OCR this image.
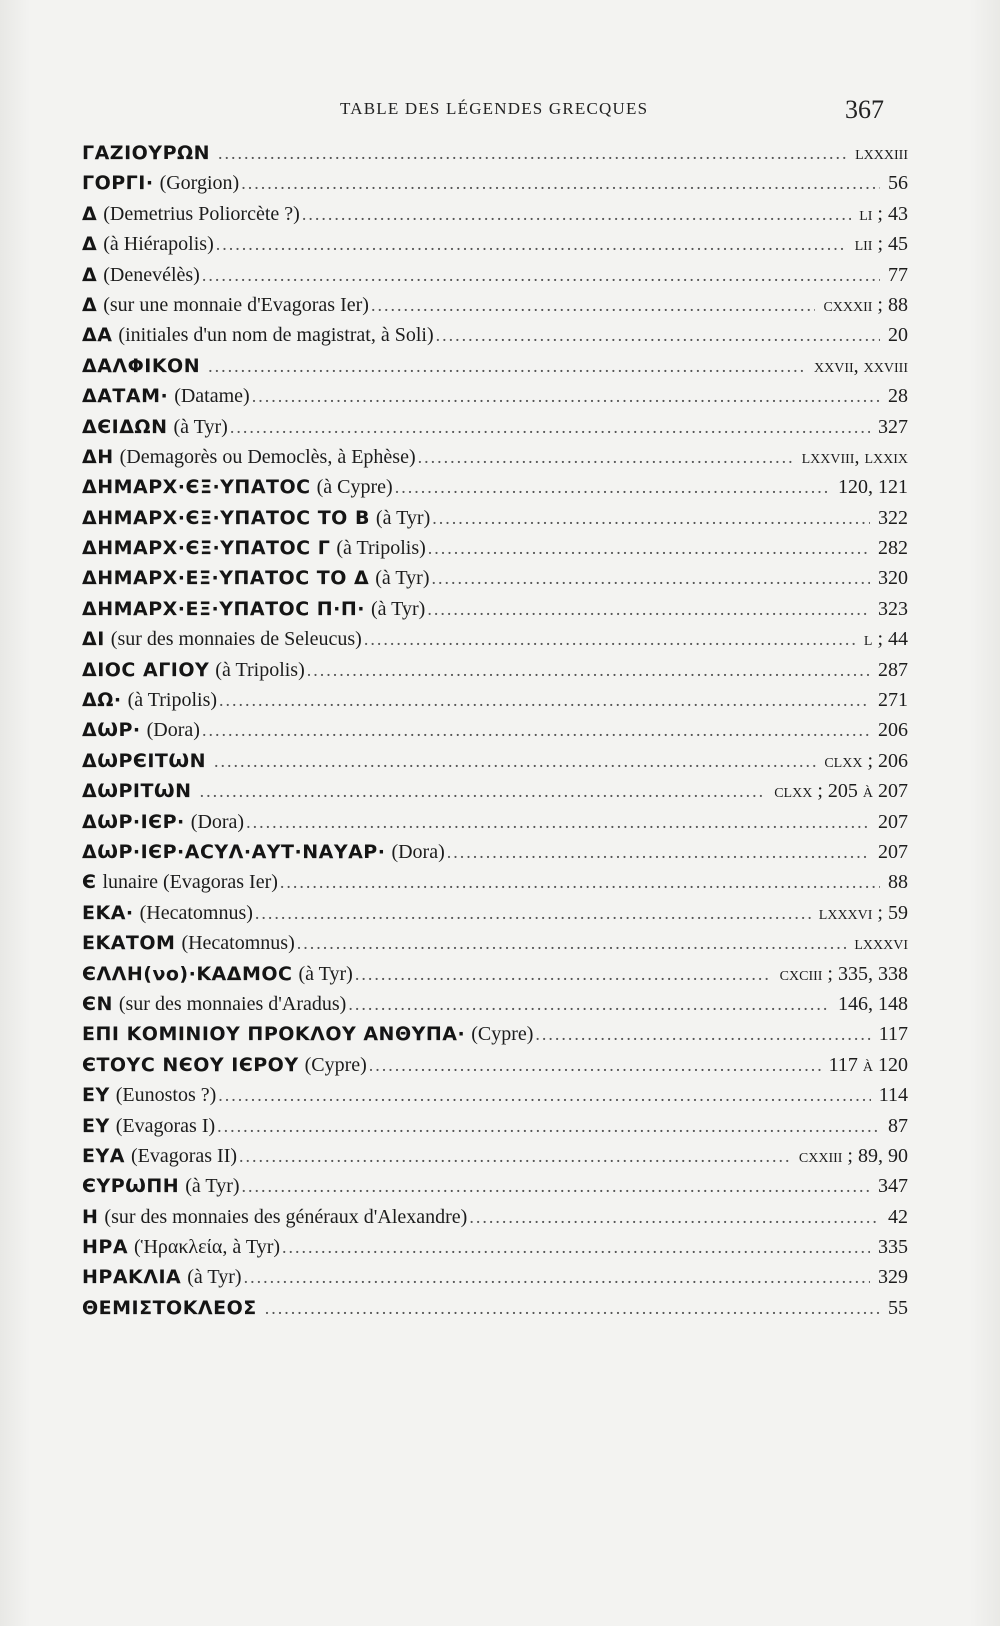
TABLE DES LÉGENDES GRECQUES	367
ΓΑΖΙΟΥΡΩΝ .....	lxxxiii
ΓΟΡΓΙ· (Gorgion) .....	56
Δ (Demetrius Poliorcète ?) .....	li ; 43
Δ (à Hiérapolis) .....	lii ; 45
Δ (Denevélès) .....	77
Δ (sur une monnaie d'Evagoras Ier) .....	cxxxii ; 88
ΔΑ (initiales d'un nom de magistrat, à Soli) .....	20
ΔΑΛΦΙΚΟΝ .....	xxvii, xxviii
ΔΑΤΑΜ· (Datame) .....	28
ΔЄΙΔΩΝ (à Tyr) .....	327
ΔΗ (Demagorès ou Democlès, à Ephèse) .....	lxxviii, lxxix
ΔΗΜΑΡΧ·ЄΞ·ΥΠΑΤΟϹ (à Cypre) .....	120, 121
ΔΗΜΑΡΧ·ЄΞ·ΥΠΑΤΟϹ ΤΟ Β (à Tyr) .....	322
ΔΗΜΑΡΧ·ЄΞ·ΥΠΑΤΟϹ Γ (à Tripolis) .....	282
ΔΗΜΑΡΧ·ΕΞ·ΥΠΑΤΟϹ ΤΟ Δ (à Tyr) .....	320
ΔΗΜΑΡΧ·ΕΞ·ΥΠΑΤΟϹ Π·Π· (à Tyr) .....	323
ΔΙ (sur des monnaies de Seleucus) .....	l ; 44
ΔΙΟϹ ΑΓΙΟΥ (à Tripolis) .....	287
ΔΩ· (à Tripolis) .....	271
ΔѠΡ· (Dora) .....	206
ΔѠΡЄΙΤѠΝ .....	clxx ; 206
ΔѠΡΙΤѠΝ .....	clxx ; 205 à 207
ΔѠΡ·ΙЄΡ· (Dora) .....	207
ΔѠΡ·ΙЄΡ·ΑϹΥΛ·ΑΥΤ·ΝΑΥΑΡ· (Dora) .....	207
Є lunaire (Evagoras Ier) .....	88
ΕΚΑ· (Hecatomnus) .....	lxxxvi ; 59
ΕΚΑΤΟΜ (Hecatomnus) .....	lxxxvi
ЄΛΛΗ(νο)·ΚΑΔΜΟϹ (à Tyr) .....	cxciii ; 335, 338
ЄΝ (sur des monnaies d'Aradus) .....	146, 148
ΕΠΙ ΚΟΜΙΝΙΟΥ ΠΡΟΚΛΟΥ ΑΝΘΥΠΑ· (Cypre) .....	117
ЄΤΟΥϹ ΝЄΟΥ ΙЄΡΟΥ (Cypre) .....	117 à 120
ΕΥ (Eunostos ?) .....	114
ΕΥ (Evagoras I) .....	87
ΕΥΑ (Evagoras II) .....	cxxiii ; 89, 90
ЄΥΡѠΠΗ (à Tyr) .....	347
Η (sur des monnaies des généraux d'Alexandre) .....	42
ΗΡΑ (Ἡρακλεία, à Tyr) .....	335
ΗΡΑΚΛΙΑ (à Tyr) .....	329
ΘΕΜΙΣΤΟΚΛΕΟΣ .....	55
